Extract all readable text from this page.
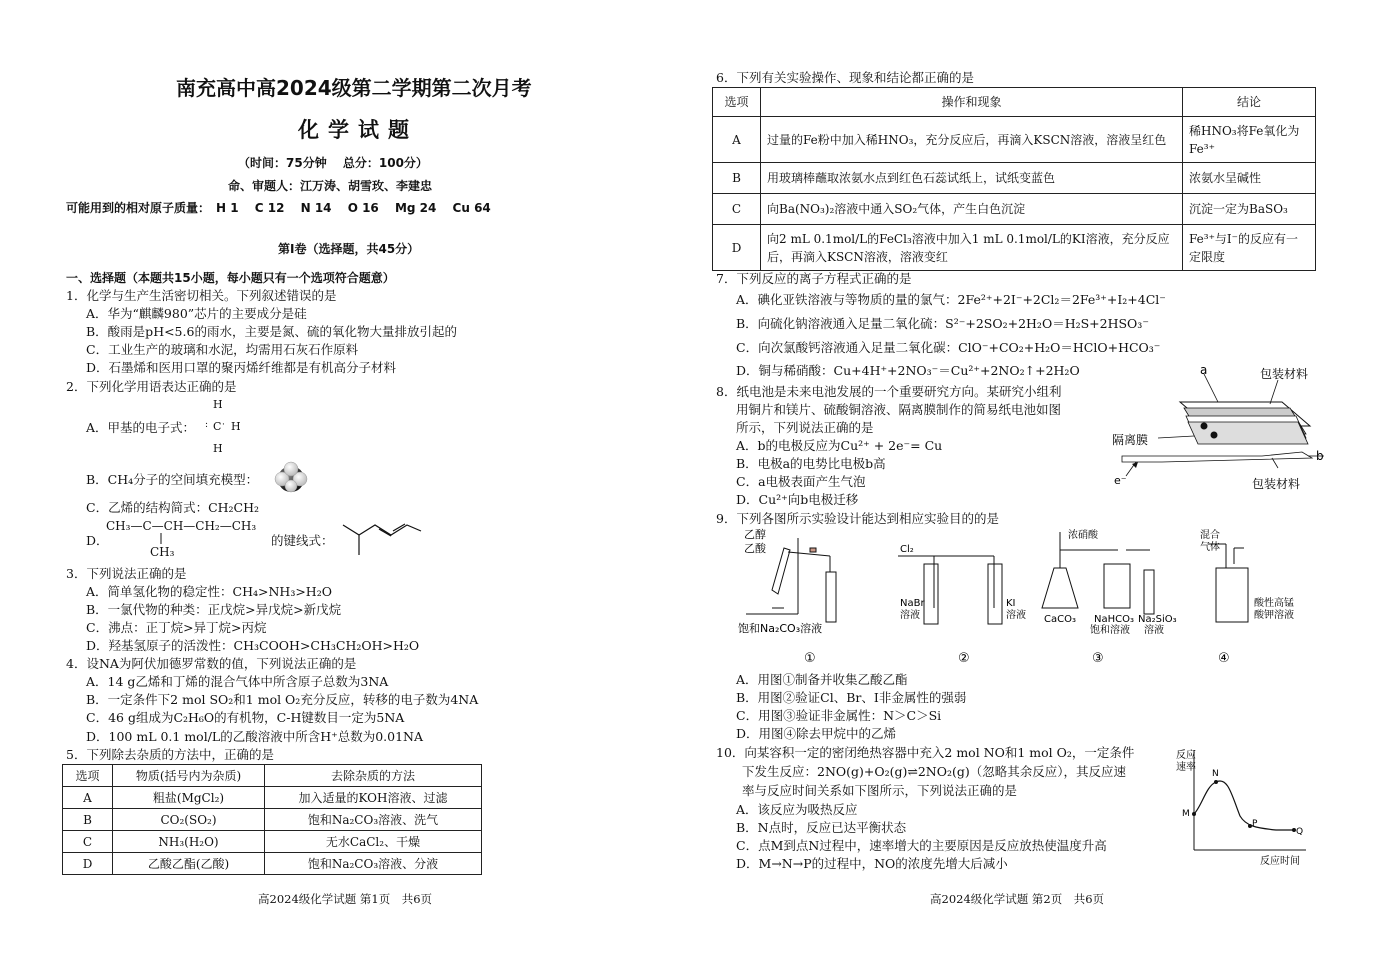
南充高中高2024级第二学期第二次月考
化学试题
（时间：75分钟　 总分：100分）
命、审题人：江万涛、胡雪玫、李建忠
可能用到的相对原子质量：　H 1　 C 12　 N 14　 O 16　 Mg 24　 Cu 64
第Ⅰ卷（选择题，共45分）
一、选择题（本题共15小题，每小题只有一个选项符合题意）
1．化学与生产生活密切相关。下列叙述错误的是
A．华为“麒麟980”芯片的主要成分是硅
B．酸雨是pH<5.6的雨水，主要是氮、硫的氧化物大量排放引起的
C．工业生产的玻璃和水泥，均需用石灰石作原料
D．石墨烯和医用口罩的聚丙烯纤维都是有机高分子材料
2．下列化学用语表达正确的是
A．甲基的电子式：
H
C H
H
: ·
B．CH₄分子的空间填充模型：
C．乙烯的结构简式：CH₂CH₂
D．
CH₃—C—CH—CH₂—CH₃
CH₃
的键线式：
3．下列说法正确的是
A．简单氢化物的稳定性：CH₄>NH₃>H₂O
B．一氯代物的种类：正戊烷>异戊烷>新戊烷
C．沸点：正丁烷>异丁烷>丙烷
D．羟基氢原子的活泼性：CH₃COOH>CH₃CH₂OH>H₂O
4．设NA为阿伏加德罗常数的值，下列说法正确的是
A．14 g乙烯和丁烯的混合气体中所含原子总数为3NA
B．一定条件下2 mol SO₂和1 mol O₂充分反应，转移的电子数为4NA
C．46 g组成为C₂H₆O的有机物，C-H键数目一定为5NA
D．100 mL 0.1 mol/L的乙酸溶液中所含H⁺总数为0.01NA
5．下列除去杂质的方法中，正确的是
选项	物质(括号内为杂质)	去除杂质的方法
A	粗盐(MgCl₂)	加入适量的KOH溶液、过滤
B	CO₂(SO₂)	饱和Na₂CO₃溶液、洗气
C	NH₃(H₂O)	无水CaCl₂、干燥
D	乙酸乙酯(乙酸)	饱和Na₂CO₃溶液、分液
高2024级化学试题 第1页　共6页
6．下列有关实验操作、现象和结论都正确的是
选项	操作和现象	结论
A	过量的Fe粉中加入稀HNO₃，充分反应后，再滴入KSCN溶液，溶液呈红色	稀HNO₃将Fe氧化为Fe³⁺
B	用玻璃棒蘸取浓氨水点到红色石蕊试纸上，试纸变蓝色	浓氨水呈碱性
C	向Ba(NO₃)₂溶液中通入SO₂气体，产生白色沉淀	沉淀一定为BaSO₃
D	向2 mL 0.1mol/L的FeCl₃溶液中加入1 mL 0.1mol/L的KI溶液，充分反应后，再滴入KSCN溶液，溶液变红	Fe³⁺与I⁻的反应有一定限度
7．下列反应的离子方程式正确的是
A．碘化亚铁溶液与等物质的量的氯气：2Fe²⁺+2I⁻+2Cl₂＝2Fe³⁺+I₂+4Cl⁻
B．向硫化钠溶液通入足量二氧化硫：S²⁻+2SO₂+2H₂O＝H₂S+2HSO₃⁻
C．向次氯酸钙溶液通入足量二氧化碳：ClO⁻+CO₂+H₂O＝HClO+HCO₃⁻
D．铜与稀硝酸：Cu+4H⁺+2NO₃⁻＝Cu²⁺+2NO₂↑+2H₂O
8．纸电池是未来电池发展的一个重要研究方向。某研究小组利
用铜片和镁片、硫酸铜溶液、隔离膜制作的简易纸电池如图
所示，下列说法正确的是
A．b的电极反应为Cu²⁺ + 2e⁻= Cu
B．电极a的电势比电极b高
C．a电极表面产生气泡
D．Cu²⁺向b电极迁移
a
b
包装材料
包装材料
隔离膜
e⁻
9．下列各图所示实验设计能达到相应实验目的的是
乙醇
乙酸
饱和Na₂CO₃溶液
Cl₂
NaBr
溶液
KI
溶液
浓硝酸
CaCO₃ NaHCO₃
饱和溶液
Na₂SiO₃
溶液
混合
气体
酸性高锰
酸钾溶液
①	②	③	④
A．用图①制备并收集乙酸乙酯
B．用图②验证Cl、Br、I非金属性的强弱
C．用图③验证非金属性：N＞C＞Si
D．用图④除去甲烷中的乙烯
10．向某容积一定的密闭绝热容器中充入2 mol NO和1 mol O₂，一定条件
下发生反应：2NO(g)+O₂(g)⇌2NO₂(g)（忽略其余反应），其反应速
率与反应时间关系如下图所示，下列说法正确的是
A．该反应为吸热反应
B．N点时，反应已达平衡状态
C．点M到点N过程中，速率增大的主要原因是反应放热使温度升高
D．M→N→P的过程中，NO的浓度先增大后减小
反应
速率
M
N
P
Q
反应时间
高2024级化学试题 第2页　共6页
